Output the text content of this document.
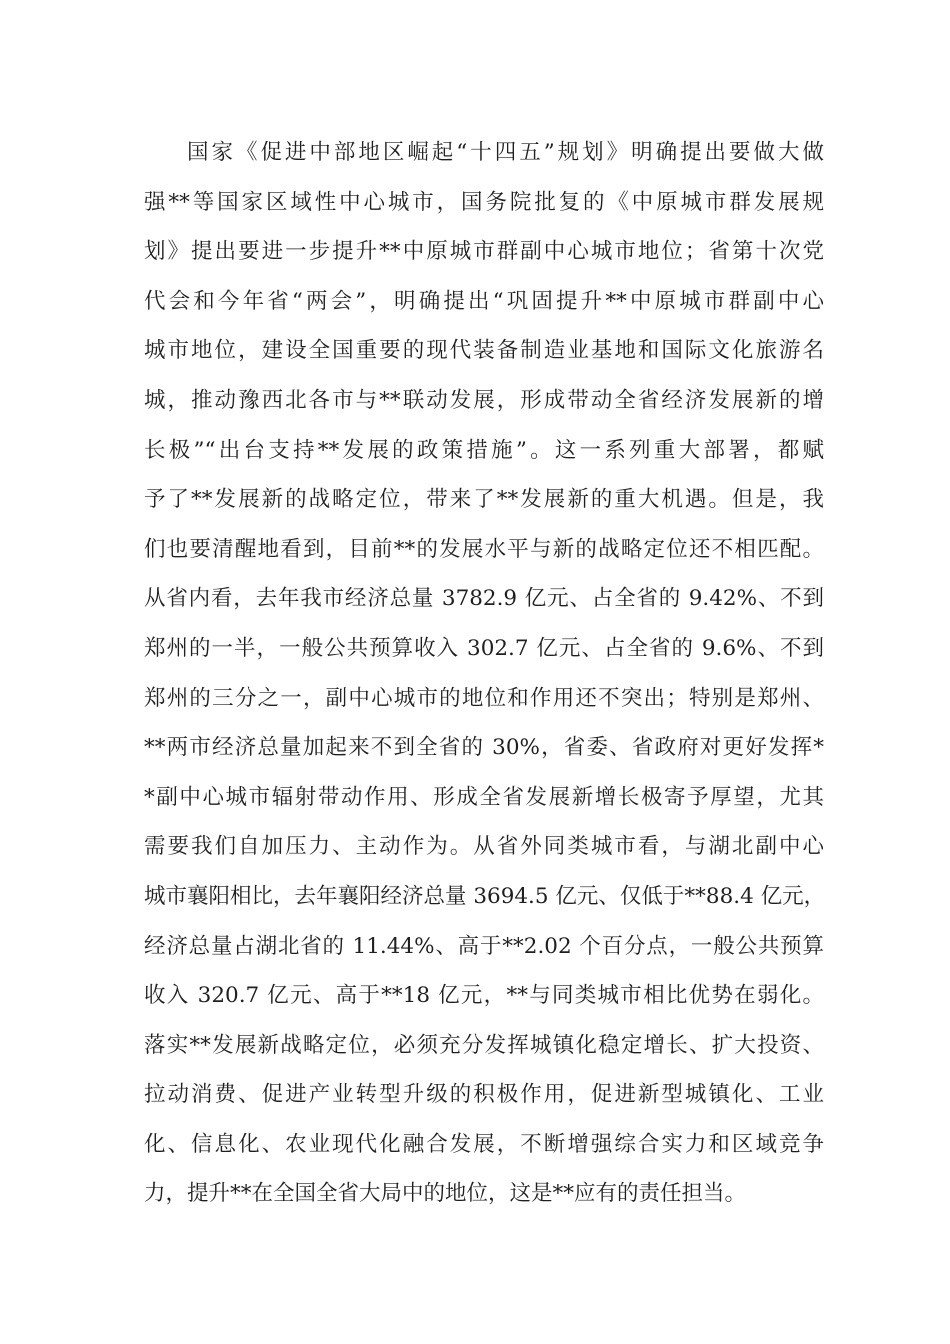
国家《促进中部地区崛起“十四五”规划》明确提出要做大做
强**等国家区域性中心城市，国务院批复的《中原城市群发展规
划》提出要进一步提升**中原城市群副中心城市地位；省第十次党
代会和今年省“两会”，明确提出“巩固提升**中原城市群副中心
城市地位，建设全国重要的现代装备制造业基地和国际文化旅游名
城，推动豫西北各市与**联动发展，形成带动全省经济发展新的增
长极”“出台支持**发展的政策措施”。这一系列重大部署，都赋
予了**发展新的战略定位，带来了**发展新的重大机遇。但是，我
们也要清醒地看到，目前**的发展水平与新的战略定位还不相匹配。
从省内看，去年我市经济总量 3782.9 亿元、占全省的 9.42%、不到
郑州的一半，一般公共预算收入 302.7 亿元、占全省的 9.6%、不到
郑州的三分之一，副中心城市的地位和作用还不突出；特别是郑州、
**两市经济总量加起来不到全省的 30%，省委、省政府对更好发挥*
*副中心城市辐射带动作用、形成全省发展新增长极寄予厚望，尤其
需要我们自加压力、主动作为。从省外同类城市看，与湖北副中心
城市襄阳相比，去年襄阳经济总量 3694.5 亿元、仅低于**88.4 亿元，
经济总量占湖北省的 11.44%、高于**2.02 个百分点，一般公共预算
收入 320.7 亿元、高于**18 亿元，**与同类城市相比优势在弱化。
落实**发展新战略定位，必须充分发挥城镇化稳定增长、扩大投资、
拉动消费、促进产业转型升级的积极作用，促进新型城镇化、工业
化、信息化、农业现代化融合发展，不断增强综合实力和区域竞争
力，提升**在全国全省大局中的地位，这是**应有的责任担当。
